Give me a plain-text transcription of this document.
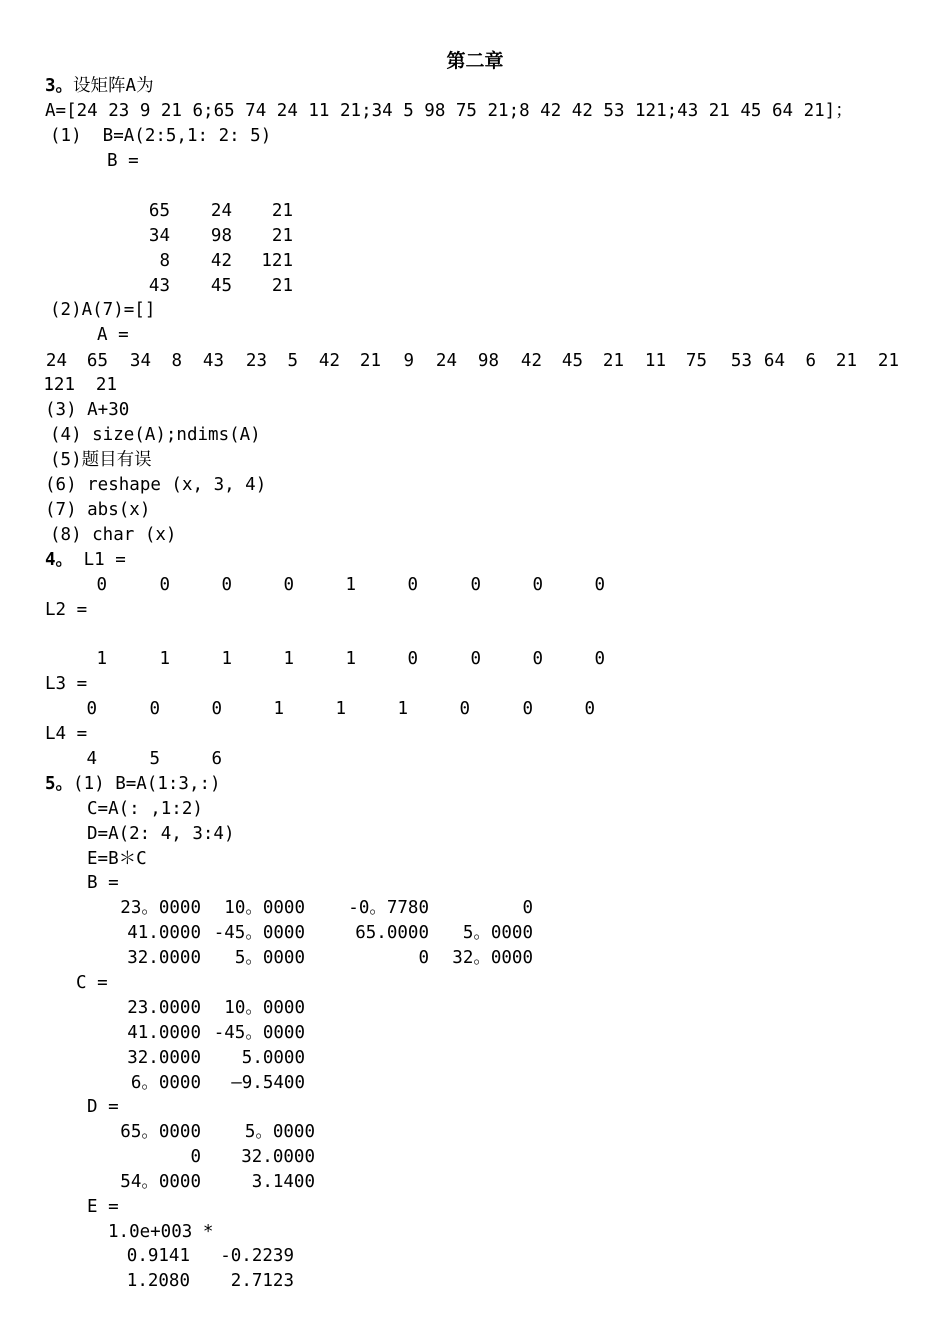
第二章
3。设矩阵A为
A=[24 23 9 21 6;65 74 24 11 21;34 5 98 75 21;8 42 42 53 121;43 21 45 64 21]；
(1)  B=A(2:5,1: 2: 5)
B =
65	24	21
34	98	21
8	42	121
43	45	21
(2)A(7)=[]
A =
24	65	34	8	43	23	5	42	21	9	24	98	42	45	21	11	75	53 64	6	21	21
121	21
(3) A+30
(4) size(A);ndims(A)
(5)题目有误
(6) reshape (x, 3, 4)
(7) abs(x)
(8) char (x)
4。 L1 =
0	0	0	0	1	0	0	0	0
L2 =
1	1	1	1	1	0	0	0	0
L3 =
0	0	0	1	1	1	0	0	0
L4 =
4	5	6
5。(1) B=A(1:3,:)
C=A(: ,1:2)
D=A(2: 4, 3:4)
E=B＊C
B =
23。0000	10。0000	-0。7780	0
41.0000 -45。0000	65.0000	5。0000
32.0000	5。0000	0	32。0000
C =
23.0000	10。0000
41.0000 -45。0000
32.0000	5.0000
6。0000	—9.5400
D =
65。0000	5。0000
0	32.0000
54。0000	3.1400
E =
1.0e+003 *
0.9141	-0.2239
1.2080	2.7123
